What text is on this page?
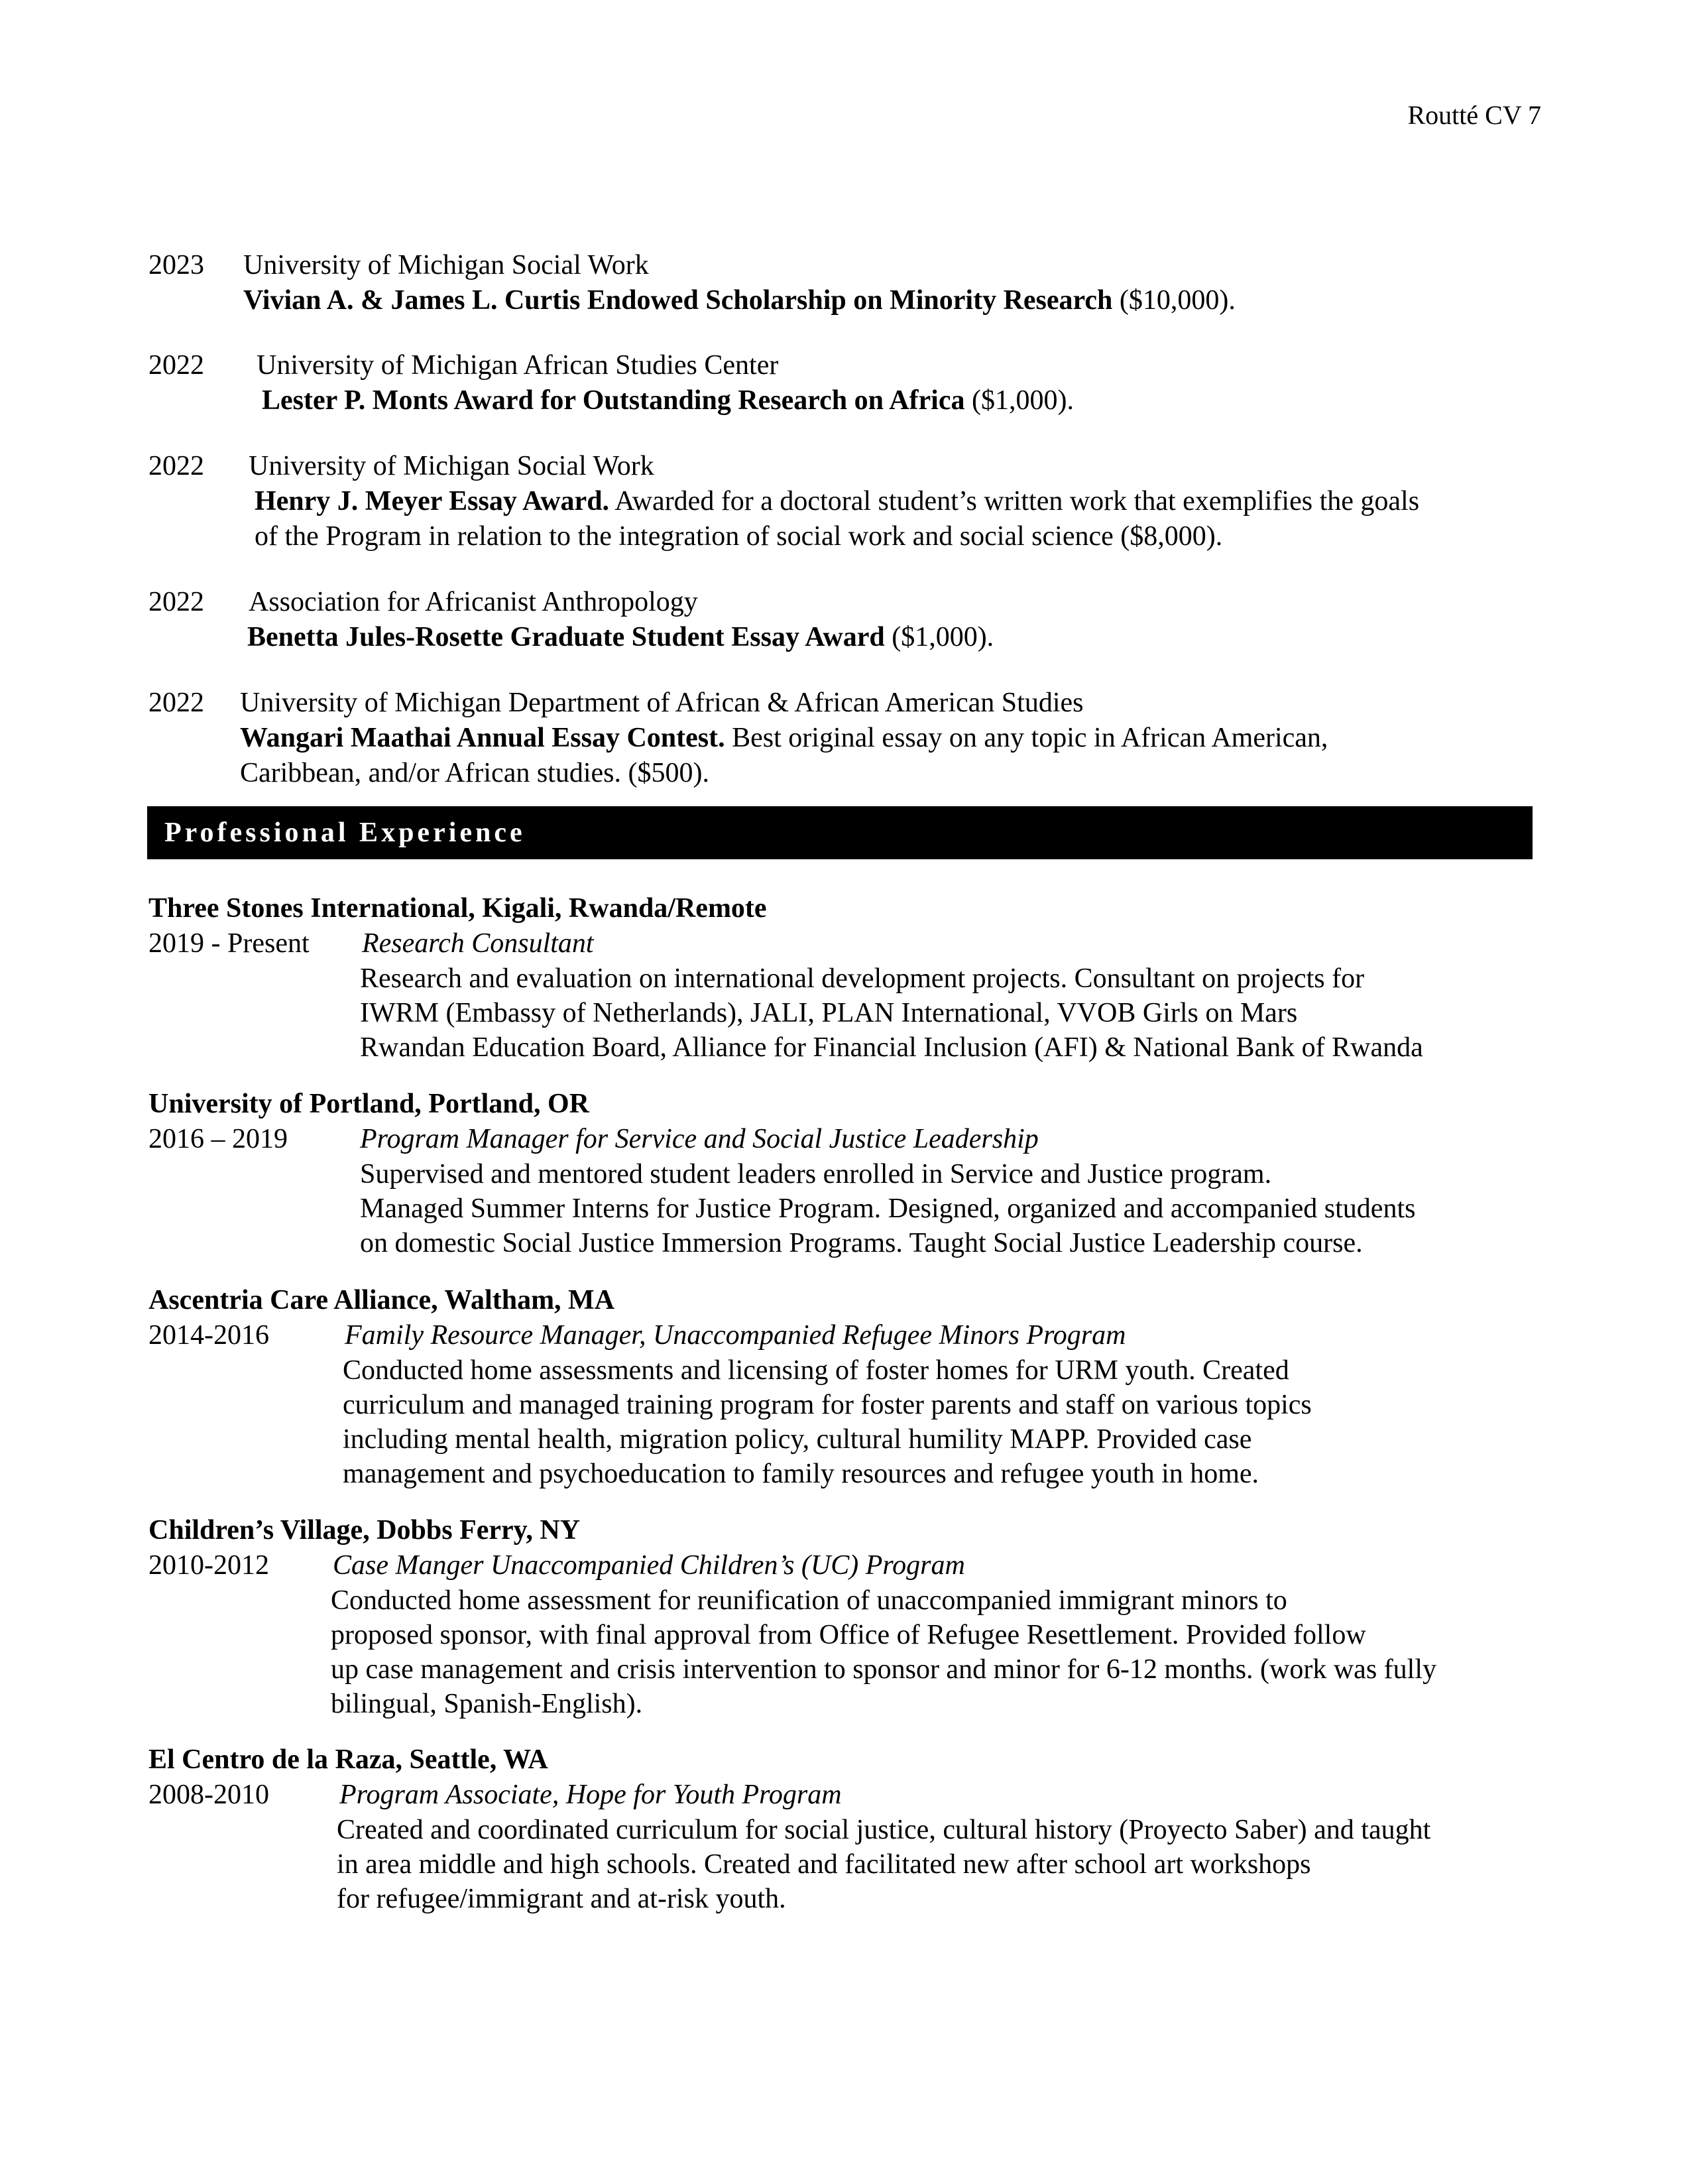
Routté CV 7
2023	University of Michigan Social Work
Vivian A. & James L. Curtis Endowed Scholarship on Minority Research ($10,000).
2022	University of Michigan African Studies Center
Lester P. Monts Award for Outstanding Research on Africa ($1,000).
2022	University of Michigan Social Work
Henry J. Meyer Essay Award. Awarded for a doctoral student’s written work that exemplifies the goals
of the Program in relation to the integration of social work and social science ($8,000).
2022	Association for Africanist Anthropology
Benetta Jules-Rosette Graduate Student Essay Award ($1,000).
2022	University of Michigan Department of African & African American Studies
Wangari Maathai Annual Essay Contest. Best original essay on any topic in African American,
Caribbean, and/or African studies. ($500).
Professional Experience
Three Stones International, Kigali, Rwanda/Remote
2019 - Present Research Consultant
Research and evaluation on international development projects. Consultant on projects for
IWRM (Embassy of Netherlands), JALI, PLAN International, VVOB Girls on Mars
Rwandan Education Board, Alliance for Financial Inclusion (AFI) & National Bank of Rwanda
University of Portland, Portland, OR
2016 – 2019	Program Manager for Service and Social Justice Leadership
Supervised and mentored student leaders enrolled in Service and Justice program.
Managed Summer Interns for Justice Program. Designed, organized and accompanied students
on domestic Social Justice Immersion Programs. Taught Social Justice Leadership course.
Ascentria Care Alliance, Waltham, MA
2014-2016	Family Resource Manager, Unaccompanied Refugee Minors Program
Conducted home assessments and licensing of foster homes for URM youth. Created
curriculum and managed training program for foster parents and staff on various topics
including mental health, migration policy, cultural humility MAPP. Provided case
management and psychoeducation to family resources and refugee youth in home.
Children’s Village, Dobbs Ferry, NY
2010-2012 Case Manger Unaccompanied Children’s (UC) Program
Conducted home assessment for reunification of unaccompanied immigrant minors to
proposed sponsor, with final approval from Office of Refugee Resettlement. Provided follow
up case management and crisis intervention to sponsor and minor for 6-12 months. (work was fully
bilingual, Spanish-English).
El Centro de la Raza, Seattle, WA
2008-2010	Program Associate, Hope for Youth Program
Created and coordinated curriculum for social justice, cultural history (Proyecto Saber) and taught
in area middle and high schools. Created and facilitated new after school art workshops
for refugee/immigrant and at-risk youth.
